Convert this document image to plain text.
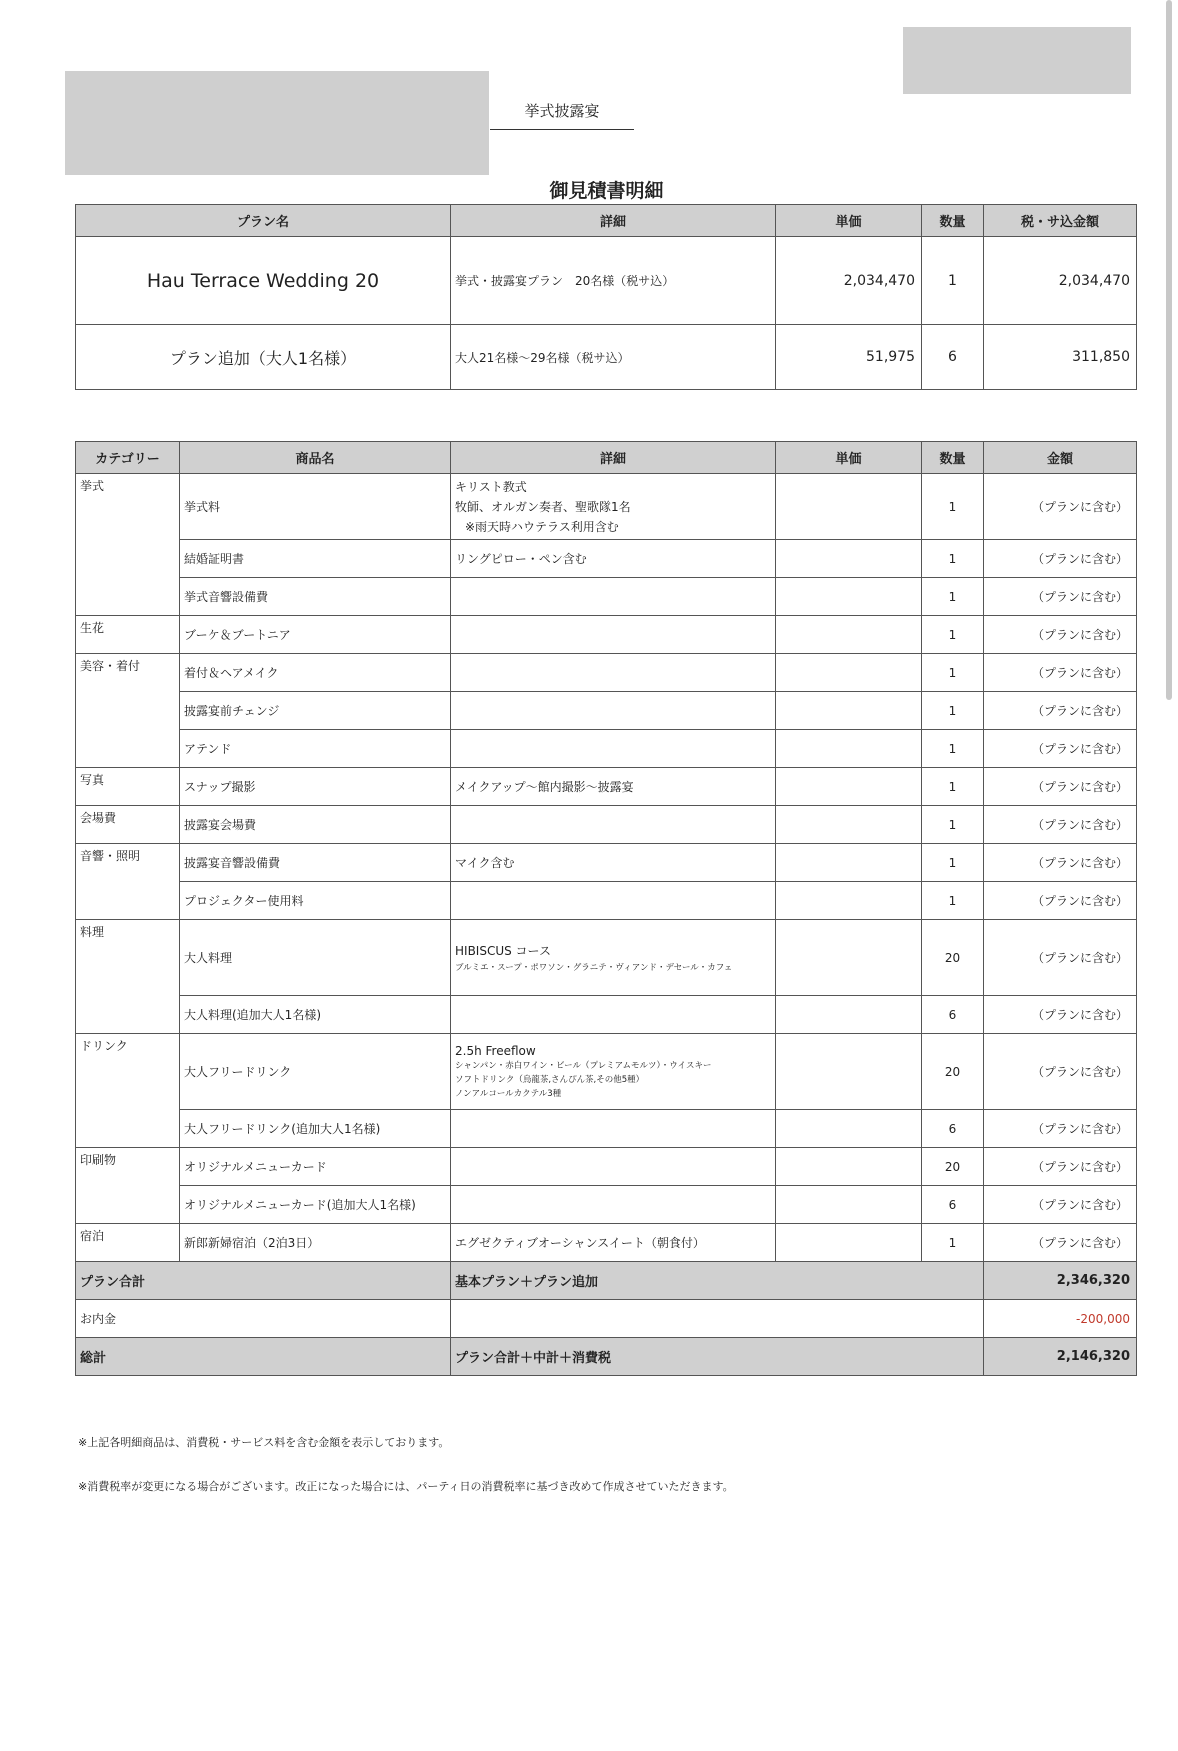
挙式披露宴
御見積書明細
プラン名	詳細	単価	数量	税・サ込金額
Hau Terrace Wedding 20	挙式・披露宴プラン　20名様（税サ込）	2,034,470	1	2,034,470
プラン追加（大人1名様）	大人21名様〜29名様（税サ込）	51,975	6	311,850
カテゴリー	商品名	詳細	単価	数量	金額
挙式	挙式料	キリスト教式
牧師、オルガン奏者、聖歌隊1名
※雨天時ハウテラス利用含む		1	（プランに含む）
	結婚証明書	リングピロー・ペン含む		1	（プランに含む）
	挙式音響設備費			1	（プランに含む）
生花	ブーケ＆ブートニア			1	（プランに含む）
美容・着付	着付＆ヘアメイク			1	（プランに含む）
	披露宴前チェンジ			1	（プランに含む）
	アテンド			1	（プランに含む）
写真	スナップ撮影	メイクアップ〜館内撮影〜披露宴		1	（プランに含む）
会場費	披露宴会場費			1	（プランに含む）
音響・照明	披露宴音響設備費	マイク含む		1	（プランに含む）
	プロジェクター使用料			1	（プランに含む）
料理	大人料理	HIBISCUS コース
ブルミエ・スープ・ポワソン・グラニテ・ヴィアンド・デセール・カフェ		20	（プランに含む）
	大人料理(追加大人1名様)			6	（プランに含む）
ドリンク	大人フリードリンク	2.5h Freeflow
シャンパン・赤白ワイン・ビール（プレミアムモルツ）・ウイスキー
ソフトドリンク（烏龍茶,さんぴん茶,その他5種）
ノンアルコールカクテル3種		20	（プランに含む）
	大人フリードリンク(追加大人1名様)			6	（プランに含む）
印刷物	オリジナルメニューカード			20	（プランに含む）
	オリジナルメニューカード(追加大人1名様)			6	（プランに含む）
宿泊	新郎新婦宿泊（2泊3日）	エグゼクティブオーシャンスイート（朝食付）		1	（プランに含む）
プラン合計		基本プラン＋プラン追加			2,346,320
お内金					-200,000
総計		プラン合計＋中計＋消費税			2,146,320
※上記各明細商品は、消費税・サービス料を含む金額を表示しております。
※消費税率が変更になる場合がございます。改正になった場合には、パーティ日の消費税率に基づき改めて作成させていただきます。
